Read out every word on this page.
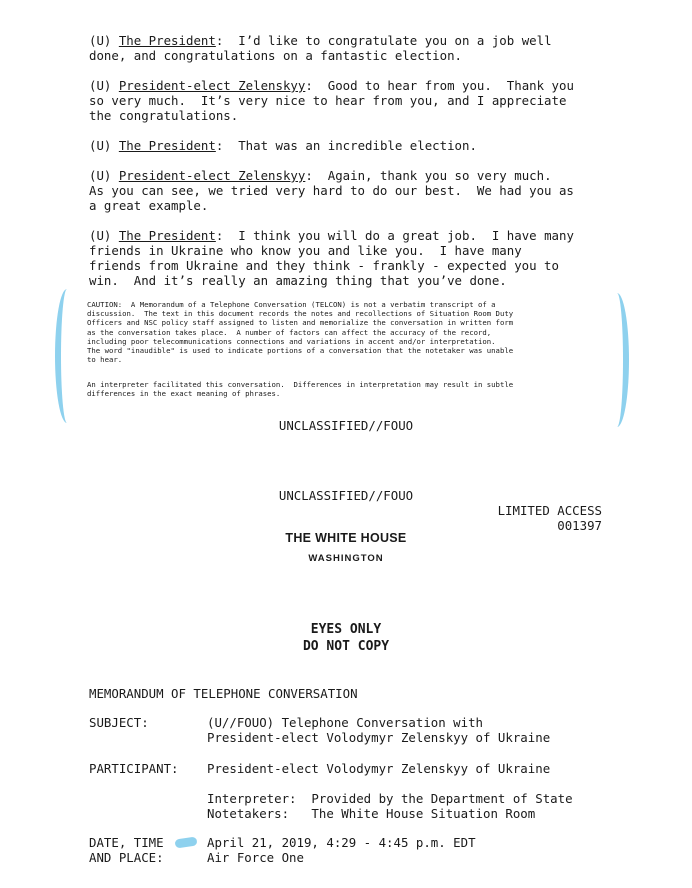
(U) The President:  I’d like to congratulate you on a job well
done, and congratulations on a fantastic election.
(U) President-elect Zelenskyy:  Good to hear from you.  Thank you
so very much.  It’s very nice to hear from you, and I appreciate
the congratulations.
(U) The President:  That was an incredible election.
(U) President-elect Zelenskyy:  Again, thank you so very much.
As you can see, we tried very hard to do our best.  We had you as
a great example.
(U) The President:  I think you will do a great job.  I have many
friends in Ukraine who know you and like you.  I have many
friends from Ukraine and they think - frankly - expected you to
win.  And it’s really an amazing thing that you’ve done.
CAUTION:  A Memorandum of a Telephone Conversation (TELCON) is not a verbatim transcript of a
discussion.  The text in this document records the notes and recollections of Situation Room Duty
Officers and NSC policy staff assigned to listen and memorialize the conversation in written form
as the conversation takes place.  A number of factors can affect the accuracy of the record,
including poor telecommunications connections and variations in accent and/or interpretation.
The word "inaudible" is used to indicate portions of a conversation that the notetaker was unable
to hear.
An interpreter facilitated this conversation.  Differences in interpretation may result in subtle
differences in the exact meaning of phrases.
UNCLASSIFIED//FOUO
UNCLASSIFIED//FOUO
LIMITED ACCESS
001397
THE WHITE HOUSE
WASHINGTON
EYES ONLY
DO NOT COPY
MEMORANDUM OF TELEPHONE CONVERSATION
SUBJECT:	(U//FOUO) Telephone Conversation with
President-elect Volodymyr Zelenskyy of Ukraine
PARTICIPANT: President-elect Volodymyr Zelenskyy of Ukraine
Interpreter:  Provided by the Department of State
Notetakers:   The White House Situation Room
DATE, TIME
AND PLACE:
April 21, 2019, 4:29 - 4:45 p.m. EDT
Air Force One
